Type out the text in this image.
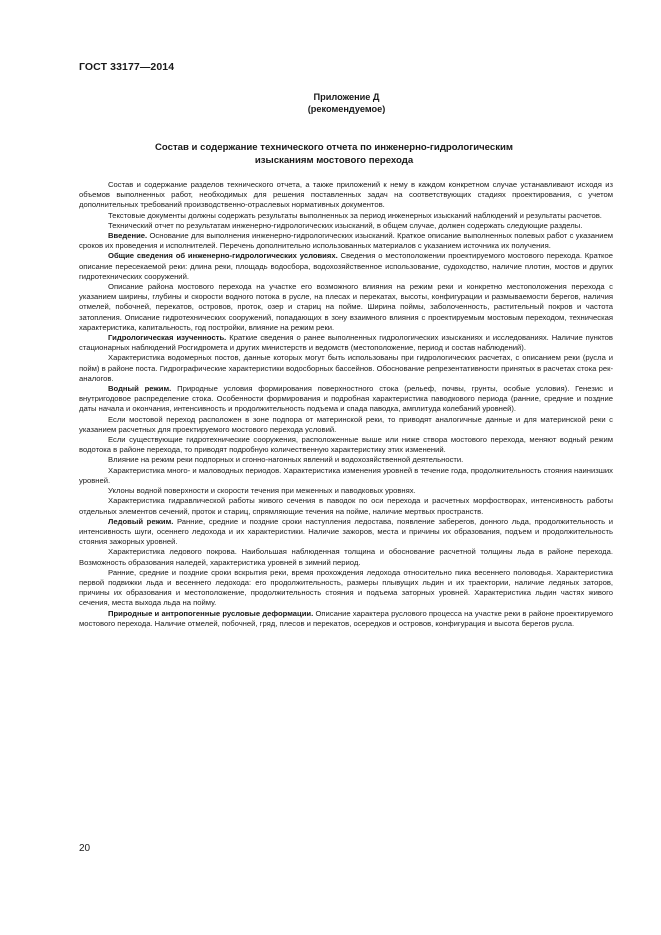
ГОСТ 33177—2014
Приложение Д
(рекомендуемое)
Состав и содержание технического отчета по инженерно-гидрологическим
изысканиям мостового перехода

Состав и содержание разделов технического отчета, а также приложений к нему в каждом конкретном случае устанавливают исходя из объемов выполненных работ, необходимых для решения поставленных задач на соответствующих стадиях проектирования, с учетом дополнительных требований производственно-отраслевых нормативных документов.

Текстовые документы должны содержать результаты выполненных за период инженерных изысканий наблюдений и результаты расчетов.

Технический отчет по результатам инженерно-гидрологических изысканий, в общем случае, должен содержать следующие разделы.

Введение. Основание для выполнения инженерно-гидрологических изысканий. Краткое описание выполненных полевых работ с указанием сроков их проведения и исполнителей. Перечень дополнительно использованных материалов с указанием источника их получения.

Общие сведения об инженерно-гидрологических условиях. Сведения о местоположении проектируемого мостового перехода. Краткое описание пересекаемой реки: длина реки, площадь водосбора, водохозяйственное использование, судоходство, наличие плотин, мостов и других гидротехнических сооружений.

Описание района мостового перехода на участке его возможного влияния на режим реки и конкретно местоположения перехода с указанием ширины, глубины и скорости водного потока в русле, на плесах и перекатах, высоты, конфигурации и размываемости берегов, наличия отмелей, побочней, перекатов, островов, проток, озер и стариц на пойме. Ширина поймы, заболоченность, растительный покров и частота затопления. Описание гидротехнических сооружений, попадающих в зону взаимного влияния с проектируемым мостовым переходом, техническая характеристика, капитальность, год постройки, влияние на режим реки.

Гидрологическая изученность. Краткие сведения о ранее выполненных гидрологических изысканиях и исследованиях. Наличие пунктов стационарных наблюдений Росгидромета и других министерств и ведомств (местоположение, период и состав наблюдений).

Характеристика водомерных постов, данные которых могут быть использованы при гидрологических расчетах, с описанием реки (русла и пойм) в районе поста. Гидрографические характеристики водосборных бассейнов. Обоснование репрезентативности принятых в расчетах стока рек-аналогов.

Водный режим. Природные условия формирования поверхностного стока (рельеф, почвы, грунты, особые условия). Генезис и внутригодовое распределение стока. Особенности формирования и подробная характеристика паводкового периода (ранние, средние и поздние даты начала и окончания, интенсивность и продолжительность подъема и спада паводка, амплитуда колебаний уровней).

Если мостовой переход расположен в зоне подпора от материнской реки, то приводят аналогичные данные и для материнской реки с указанием расчетных для проектируемого мостового перехода условий.

Если существующие гидротехнические сооружения, расположенные выше или ниже створа мостового перехода, меняют водный режим водотока в районе перехода, то приводят подробную количественную характеристику этих изменений.

Влияние на режим реки подпорных и сгонно-нагонных явлений и водохозяйственной деятельности.

Характеристика много- и маловодных периодов. Характеристика изменения уровней в течение года, продолжительность стояния наинизших уровней.

Уклоны водной поверхности и скорости течения при меженных и паводковых уровнях.

Характеристика гидравлической работы живого сечения в паводок по оси перехода и расчетных морфостворах, интенсивность работы отдельных элементов сечений, проток и стариц, спрямляющие течения на пойме, наличие мертвых пространств.

Ледовый режим. Ранние, средние и поздние сроки наступления ледостава, появление заберегов, донного льда, продолжительность и интенсивность шуги, осеннего ледохода и их характеристики. Наличие зажоров, места и причины их образования, подъем и продолжительность стояния зажорных уровней.

Характеристика ледового покрова. Наибольшая наблюденная толщина и обоснование расчетной толщины льда в районе перехода. Возможность образования наледей, характеристика уровней в зимний период.

Ранние, средние и поздние сроки вскрытия реки, время прохождения ледохода относительно пика весеннего половодья. Характеристика первой подвижки льда и весеннего ледохода: его продолжительность, размеры плывущих льдин и их траектории, наличие ледяных заторов, причины их образования и местоположение, продолжительность стояния и подъема заторных уровней. Характеристика льдин частях живого сечения, места выхода льда на пойму.

Природные и антропогенные русловые деформации. Описание характера руслового процесса на участке реки в районе проектируемого мостового перехода. Наличие отмелей, побочней, гряд, плесов и перекатов, осередков и островов, конфигурация и высота берегов русла.

20
